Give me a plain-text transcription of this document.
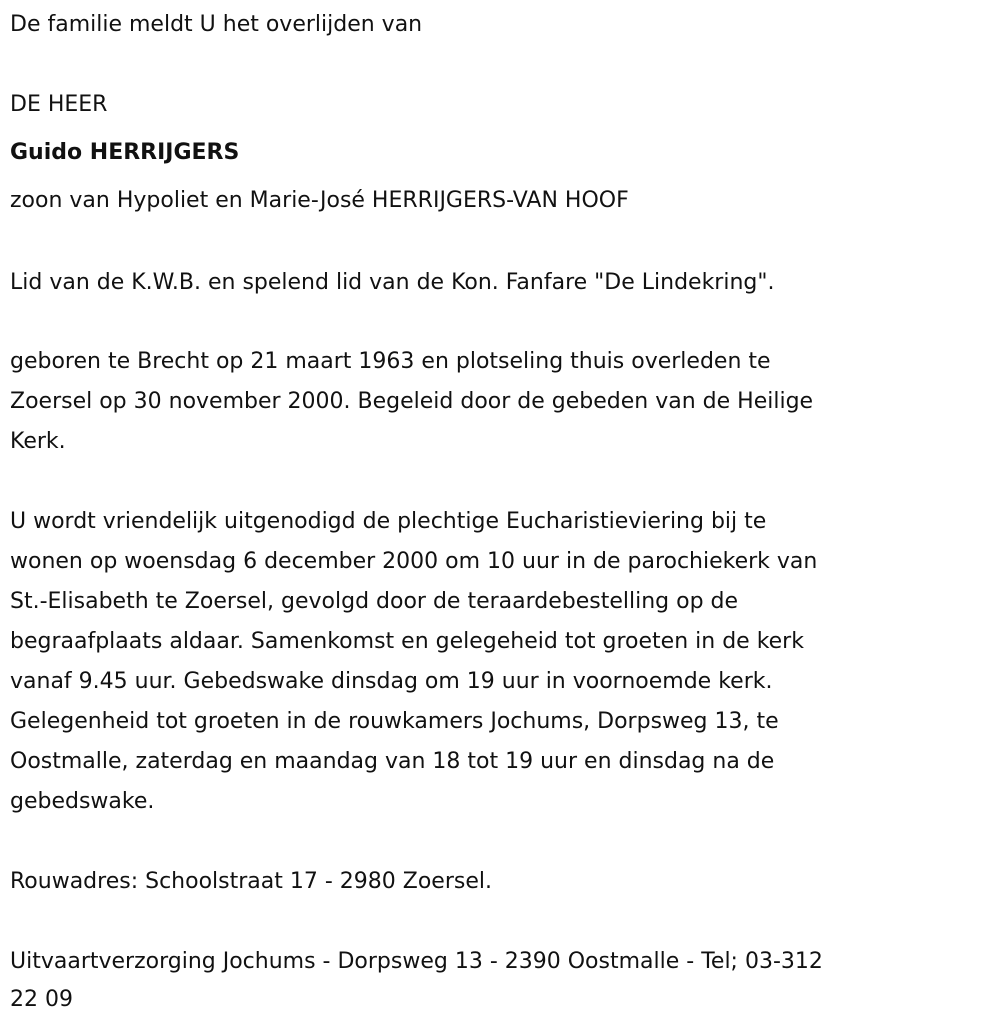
De familie meldt U het overlijden van
DE HEER
Guido HERRIJGERS
zoon van Hypoliet en Marie-José HERRIJGERS-VAN HOOF
Lid van de K.W.B. en spelend lid van de Kon. Fanfare "De Lindekring".
geboren te Brecht op 21 maart 1963 en plotseling thuis overleden te
Zoersel op 30 november 2000. Begeleid door de gebeden van de Heilige
Kerk.
U wordt vriendelijk uitgenodigd de plechtige Eucharistieviering bij te
wonen op woensdag 6 december 2000 om 10 uur in de parochiekerk van
St.-Elisabeth te Zoersel, gevolgd door de teraardebestelling op de
begraafplaats aldaar. Samenkomst en gelegeheid tot groeten in de kerk
vanaf 9.45 uur. Gebedswake dinsdag om 19 uur in voornoemde kerk.
Gelegenheid tot groeten in de rouwkamers Jochums, Dorpsweg 13, te
Oostmalle, zaterdag en maandag van 18 tot 19 uur en dinsdag na de
gebedswake.
Rouwadres: Schoolstraat 17 - 2980 Zoersel.
Uitvaartverzorging Jochums - Dorpsweg 13 - 2390 Oostmalle - Tel; 03-312
22 09
